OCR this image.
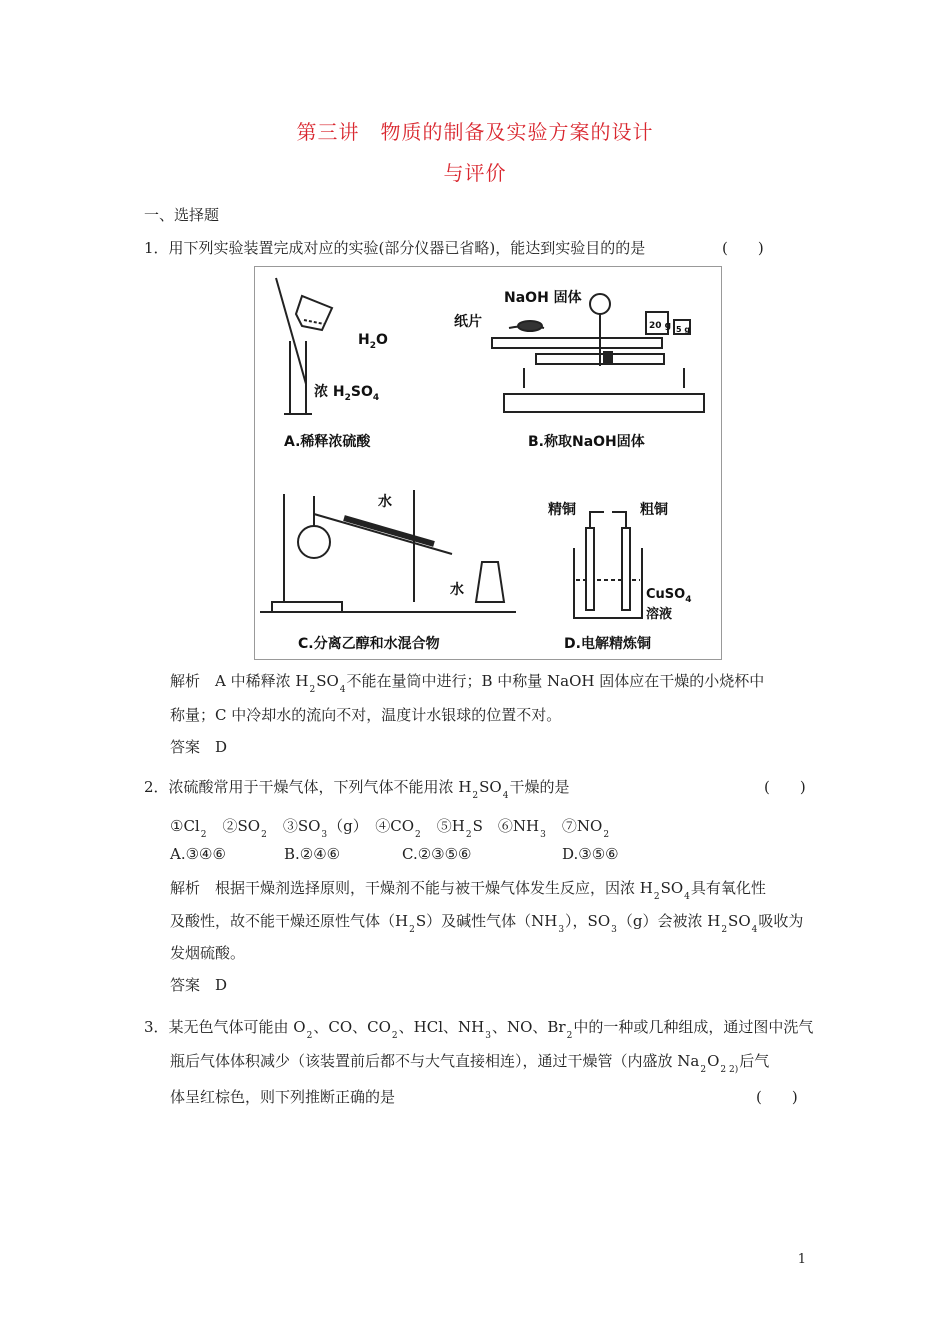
第三讲　物质的制备及实验方案的设计
与评价
一、选择题
1．用下列实验装置完成对应的实验(部分仪器已省略)，能达到实验目的的是	(　　)
$H_2O$
浓 $H_2SO_4$
A.稀释浓硫酸
NaOH 固体
纸片	20 g 5 g
B.称取NaOH固体
水
水
C.分离乙醇和水混合物
精铜	粗铜
CuSO$_4$
溶液
D.电解精炼铜
解析　A 中稀释浓 $H_2SO_4$不能在量筒中进行；B 中称量 NaOH 固体应在干燥的小烧杯中
称量；C 中冷却水的流向不对，温度计水银球的位置不对。
答案　D
2．浓硫酸常用于干燥气体，下列气体不能用浓 $H_2SO_4$干燥的是	(　　)
$①Cl_2$　 $②SO_2$　 $③SO_3(g)$　 $④CO_2$　 $⑤H_2S$　 $⑥NH_3$　 $⑦NO_2$
A.③④⑥	B.②④⑥	C.②③⑤⑥	D.③⑤⑥
解析　根据干燥剂选择原则，干燥剂不能与被干燥气体发生反应，因浓 $H_2SO_4$具有氧化性
及酸性，故不能干燥还原性气体$(H_2S)$及碱性气体$(NH_3)$，$SO_3(g)$会被浓 $H_2SO_4$吸收为
发烟硫酸。
答案　D
3．某无色气体可能由 $O_2$、CO、$CO_2$、HCl、$NH_3$、NO、$Br_2$中的一种或几种组成，通过图中洗气
瓶后气体体积减少（该装置前后都不与大气直接相连），通过干燥管（内盛放 $Na_2O_{2 2)}$后气
体呈红棕色，则下列推断正确的是	(　　)
1
